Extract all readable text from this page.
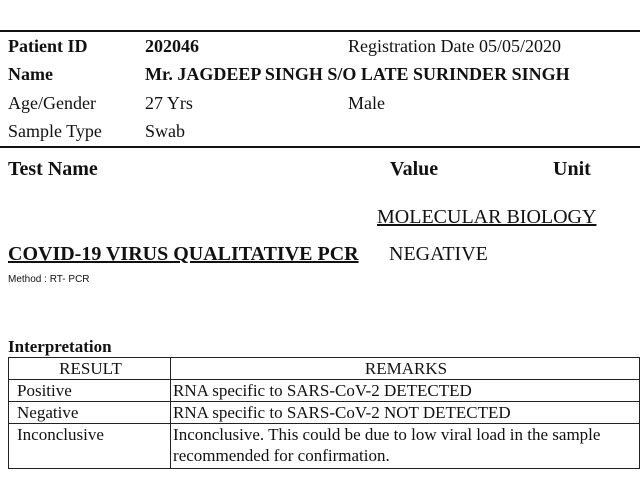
Patient ID	202046	Registration Date 05/05/2020
Name	Mr. JAGDEEP SINGH S/O LATE SURINDER SINGH
Age/Gender	27 Yrs	Male
Sample Type Swab
Test Name	Value	Unit
MOLECULAR BIOLOGY
COVID-19 VIRUS QUALITATIVE PCR NEGATIVE
Method : RT- PCR
Interpretation
RESULT	REMARKS
Positive	RNA specific to SARS-CoV-2 DETECTED
Negative	RNA specific to SARS-CoV-2 NOT DETECTED
Inconclusive	Inconclusive. This could be due to low viral load in the sample
recommended for confirmation.
